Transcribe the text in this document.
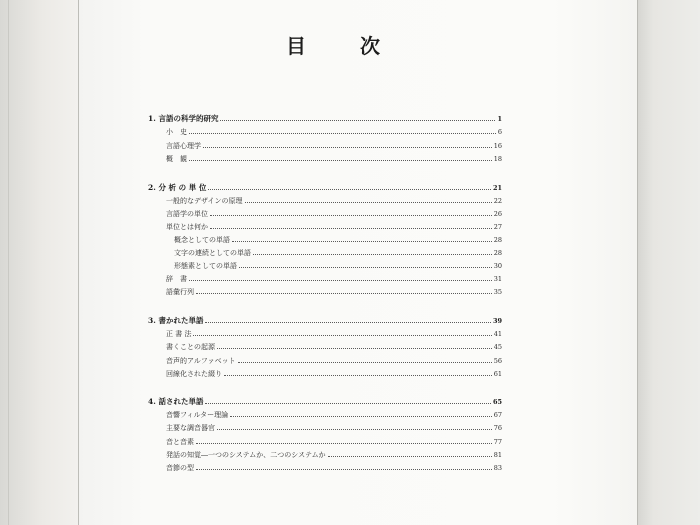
目	次
1. 言語の科学的研究	1
小　史	6
言語心理学	16
概　観	18
2. 分 析 の 単 位	21
一般的なデザインの原理	22
言語学の単位	26
単位とは何か	27
概念としての単語	28
文字の連続としての単語	28
形態素としての単語	30
辞　書	31
語彙行列	35
3. 書かれた単語	39
正 書 法	41
書くことの起源	45
音声的アルファベット	56
回線化された綴り	61
4. 話された単語	65
音響フィルター理論	67
主要な調音器官	76
音と音素	77
発話の知覚―一つのシステムか、二つのシステムか	81
音節の型	83
